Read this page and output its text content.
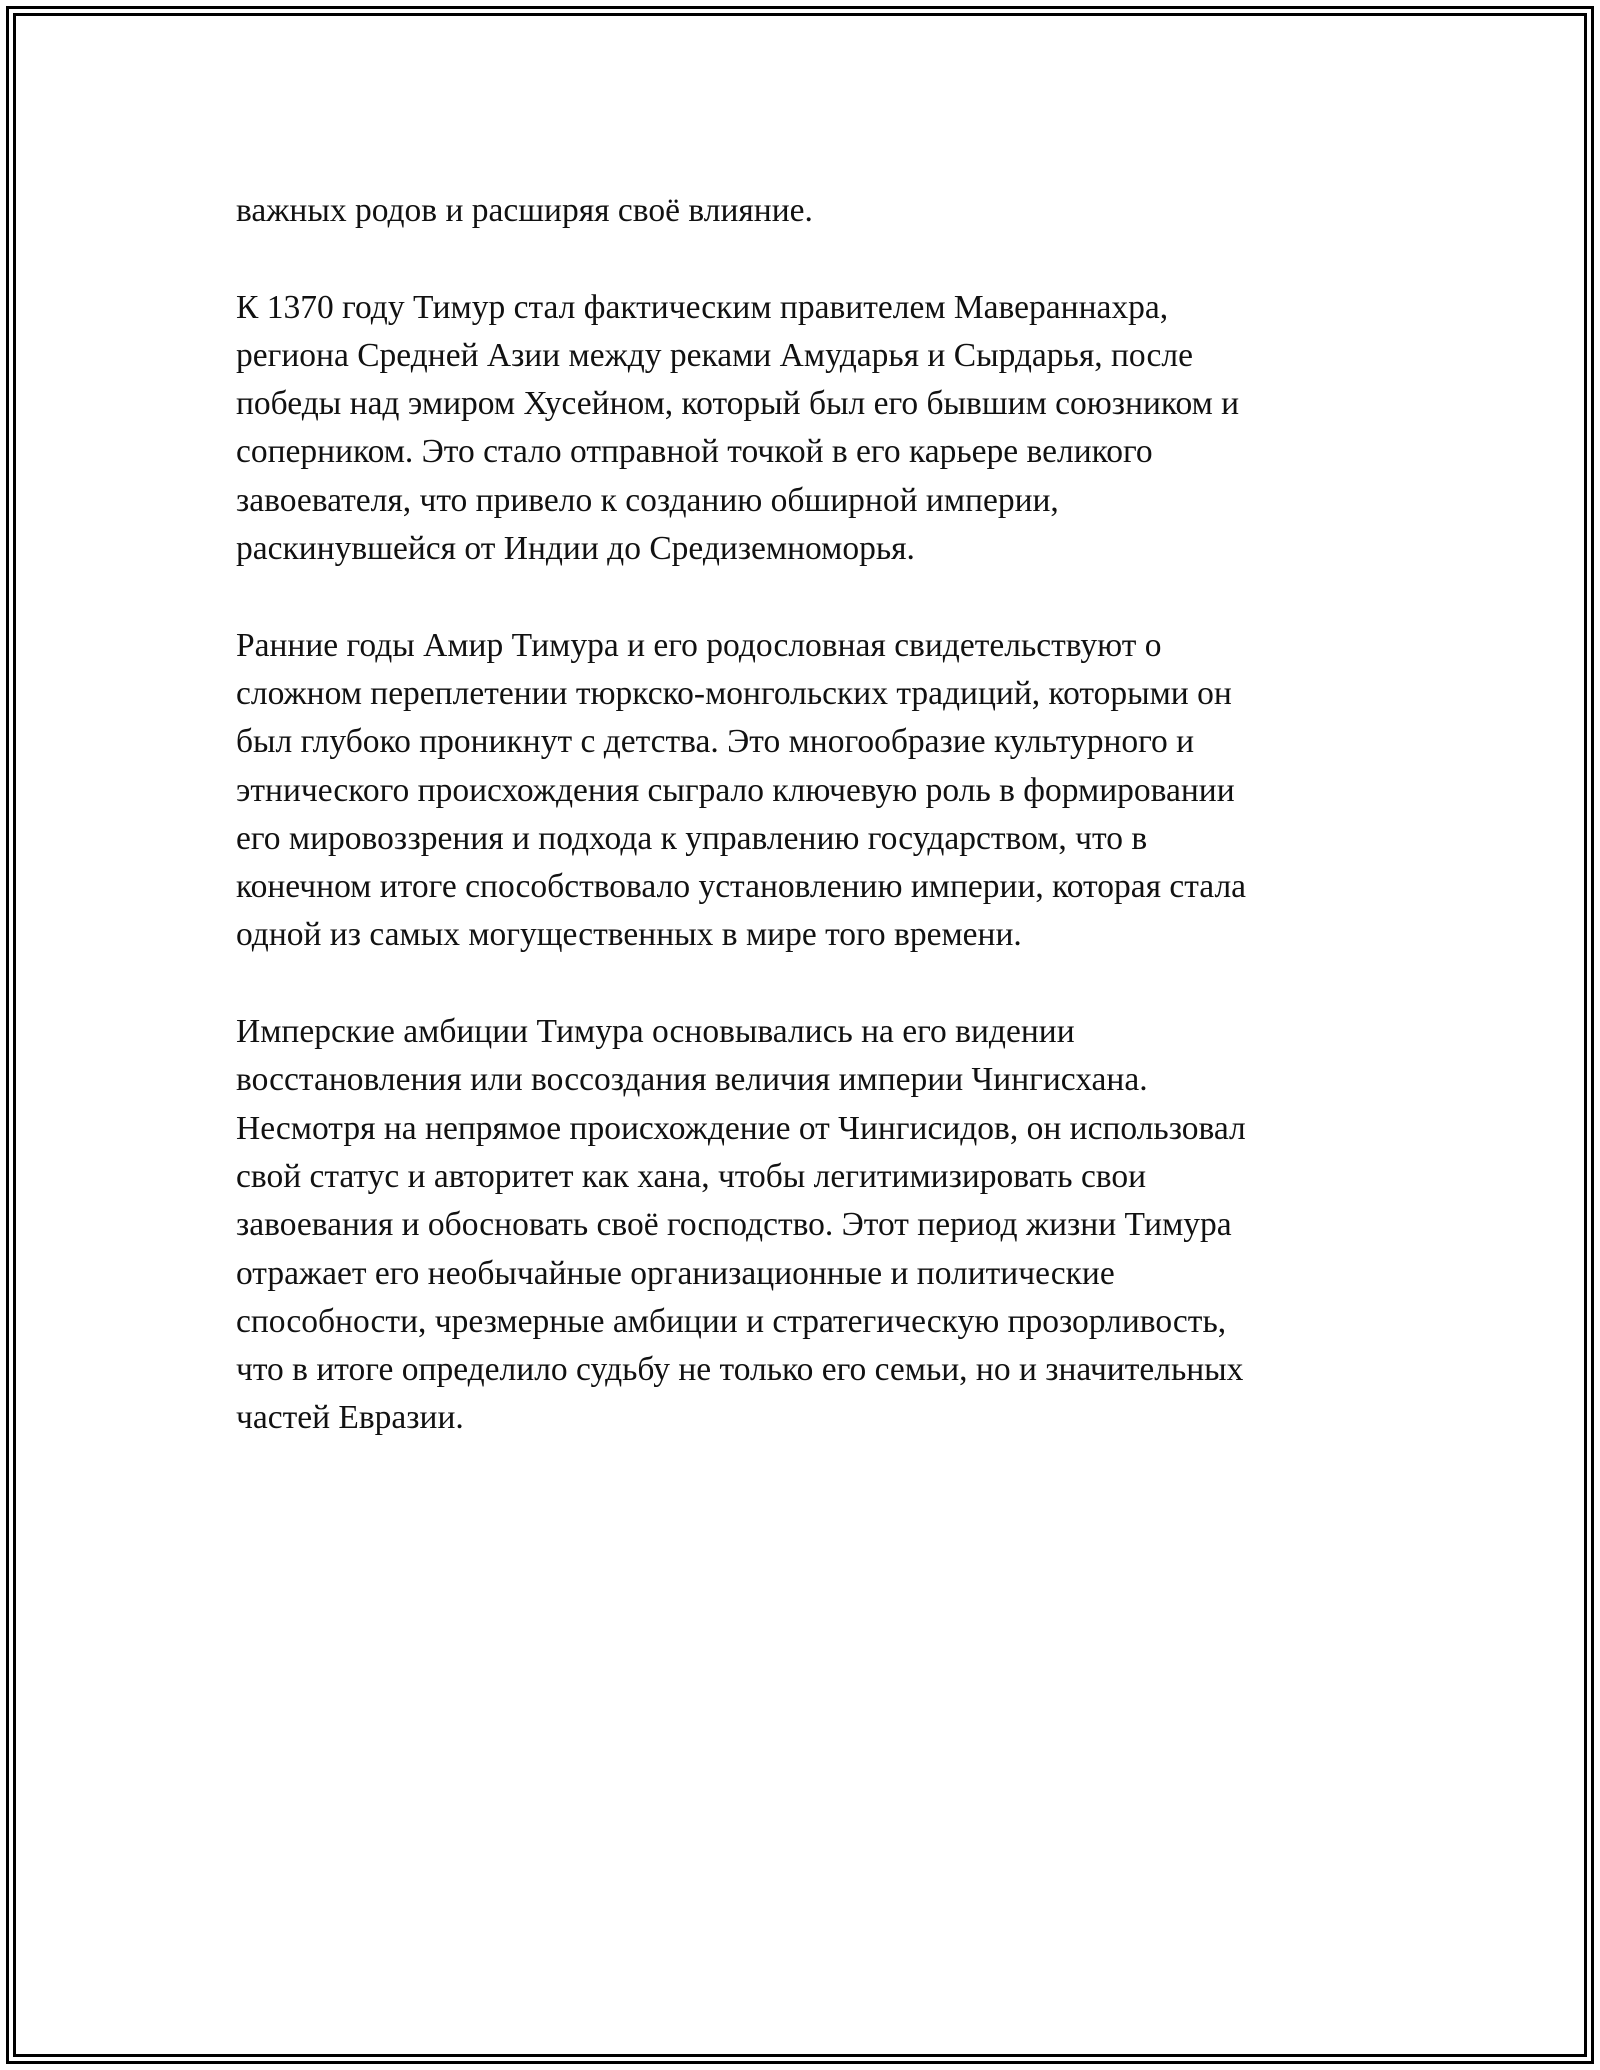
важных родов и расширяя своё влияние.

К 1370 году Тимур стал фактическим правителем Мавераннахра,
региона Средней Азии между реками Амударья и Сырдарья, после
победы над эмиром Хусейном, который был его бывшим союзником и
соперником. Это стало отправной точкой в его карьере великого
завоевателя, что привело к созданию обширной империи,
раскинувшейся от Индии до Средиземноморья.

Ранние годы Амир Тимура и его родословная свидетельствуют о
сложном переплетении тюркско-монгольских традиций, которыми он
был глубоко проникнут с детства. Это многообразие культурного и
этнического происхождения сыграло ключевую роль в формировании
его мировоззрения и подхода к управлению государством, что в
конечном итоге способствовало установлению империи, которая стала
одной из самых могущественных в мире того времени.

Имперские амбиции Тимура основывались на его видении
восстановления или воссоздания величия империи Чингисхана.
Несмотря на непрямое происхождение от Чингисидов, он использовал
свой статус и авторитет как хана, чтобы легитимизировать свои
завоевания и обосновать своё господство. Этот период жизни Тимура
отражает его необычайные организационные и политические
способности, чрезмерные амбиции и стратегическую прозорливость,
что в итоге определило судьбу не только его семьи, но и значительных
частей Евразии.
